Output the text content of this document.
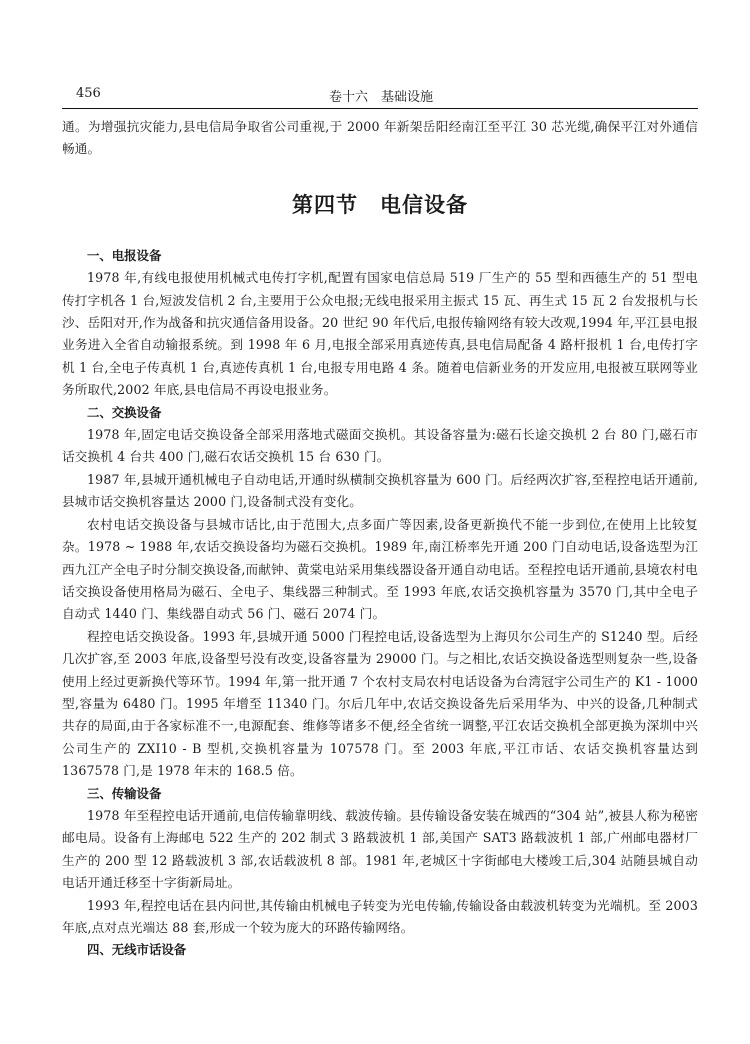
456	卷十六　基础设施

通。为增强抗灾能力,县电信局争取省公司重视,于 2000 年新架岳阳经南江至平江 30 芯光缆,确保平江对外通信畅通。

第四节　电信设备
一、电报设备

1978 年,有线电报使用机械式电传打字机,配置有国家电信总局 519 厂生产的 55 型和西德生产的 51 型电传打字机各 1 台,短波发信机 2 台,主要用于公众电报;无线电报采用主振式 15 瓦、再生式 15 瓦 2 台发报机与长沙、岳阳对开,作为战备和抗灾通信备用设备。20 世纪 90 年代后,电报传输网络有较大改观,1994 年,平江县电报业务进入全省自动输报系统。到 1998 年 6 月,电报全部采用真迹传真,县电信局配备 4 路杆报机 1 台,电传打字机 1 台,全电子传真机 1 台,真迹传真机 1 台,电报专用电路 4 条。随着电信新业务的开发应用,电报被互联网等业务所取代,2002 年底,县电信局不再设电报业务。

二、交换设备

1978 年,固定电话交换设备全部采用落地式磁面交换机。其设备容量为:磁石长途交换机 2 台 80 门,磁石市话交换机 4 台共 400 门,磁石农话交换机 15 台 630 门。

1987 年,县城开通机械电子自动电话,开通时纵横制交换机容量为 600 门。后经两次扩容,至程控电话开通前,县城市话交换机容量达 2000 门,设备制式没有变化。

农村电话交换设备与县城市话比,由于范围大,点多面广等因素,设备更新换代不能一步到位,在使用上比较复杂。1978 ~ 1988 年,农话交换设备均为磁石交换机。1989 年,南江桥率先开通 200 门自动电话,设备选型为江西九江产全电子时分制交换设备,而献钟、黄棠电站采用集线器设备开通自动电话。至程控电话开通前,县境农村电话交换设备使用格局为磁石、全电子、集线器三种制式。至 1993 年底,农话交换机容量为 3570 门,其中全电子自动式 1440 门、集线器自动式 56 门、磁石 2074 门。

程控电话交换设备。1993 年,县城开通 5000 门程控电话,设备选型为上海贝尔公司生产的 S1240 型。后经几次扩容,至 2003 年底,设备型号没有改变,设备容量为 29000 门。与之相比,农话交换设备选型则复杂一些,设备使用上经过更新换代等环节。1994 年,第一批开通 7 个农村支局农村电话设备为台湾冠宇公司生产的 K1 - 1000 型,容量为 6480 门。1995 年增至 11340 门。尔后几年中,农话交换设备先后采用华为、中兴的设备,几种制式共存的局面,由于各家标准不一,电源配套、维修等诸多不便,经全省统一调整,平江农话交换机全部更换为深圳中兴公司生产的 ZXI10 - B 型机,交换机容量为 107578 门。至 2003 年底,平江市话、农话交换机容量达到 1367578 门,是 1978 年末的 168.5 倍。

三、传输设备

1978 年至程控电话开通前,电信传输靠明线、载波传输。县传输设备安装在城西的“304 站”,被县人称为秘密邮电局。设备有上海邮电 522 生产的 202 制式 3 路载波机 1 部,美国产 SAT3 路载波机 1 部,广州邮电器材厂生产的 200 型 12 路载波机 3 部,农话载波机 8 部。1981 年,老城区十字街邮电大楼竣工后,304 站随县城自动电话开通迁移至十字街新局址。

1993 年,程控电话在县内问世,其传输由机械电子转变为光电传输,传输设备由载波机转变为光端机。至 2003 年底,点对点光端达 88 套,形成一个较为庞大的环路传输网络。

四、无线市话设备
